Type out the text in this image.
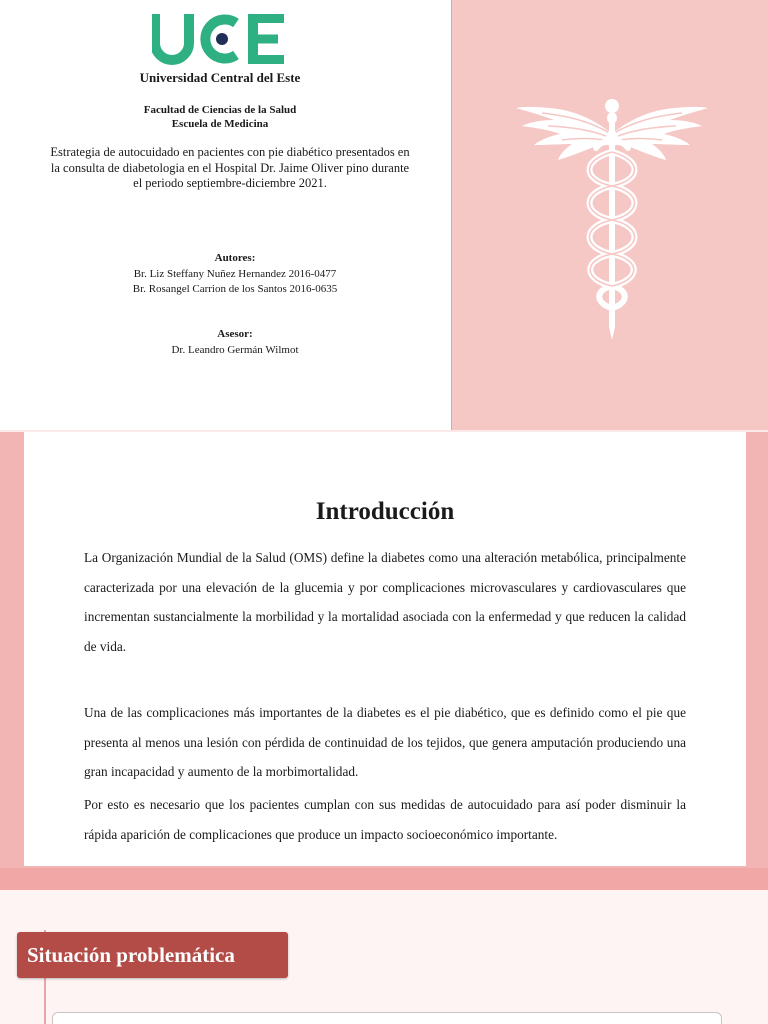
UCE
Universidad Central del Este
Facultad de Ciencias de la Salud
Escuela de Medicina
Estrategia de autocuidado en pacientes con pie diabético presentados en la consulta de diabetologia en el Hospital Dr. Jaime Oliver pino durante el periodo septiembre-diciembre 2021.
Autores:
Br. Liz Steffany Nuñez Hernandez 2016-0477
Br. Rosangel Carrion de los Santos 2016-0635
Asesor:
Dr. Leandro Germán Wilmot
Introducción

La Organización Mundial de la Salud (OMS) define la diabetes como una alteración metabólica, principalmente caracterizada por una elevación de la glucemia y por complicaciones microvasculares y cardiovasculares que incrementan sustancialmente la morbilidad y la mortalidad asociada con la enfermedad y que reducen la calidad de vida.

Una de las complicaciones más importantes de la diabetes es el pie diabético, que es definido como el pie que presenta al menos una lesión con pérdida de continuidad de los tejidos, que genera amputación produciendo una gran incapacidad y aumento de la morbimortalidad.

Por esto es necesario que los pacientes cumplan con sus medidas de autocuidado para así poder disminuir la rápida aparición de complicaciones que produce un impacto socioeconómico importante.

Situación problemática
